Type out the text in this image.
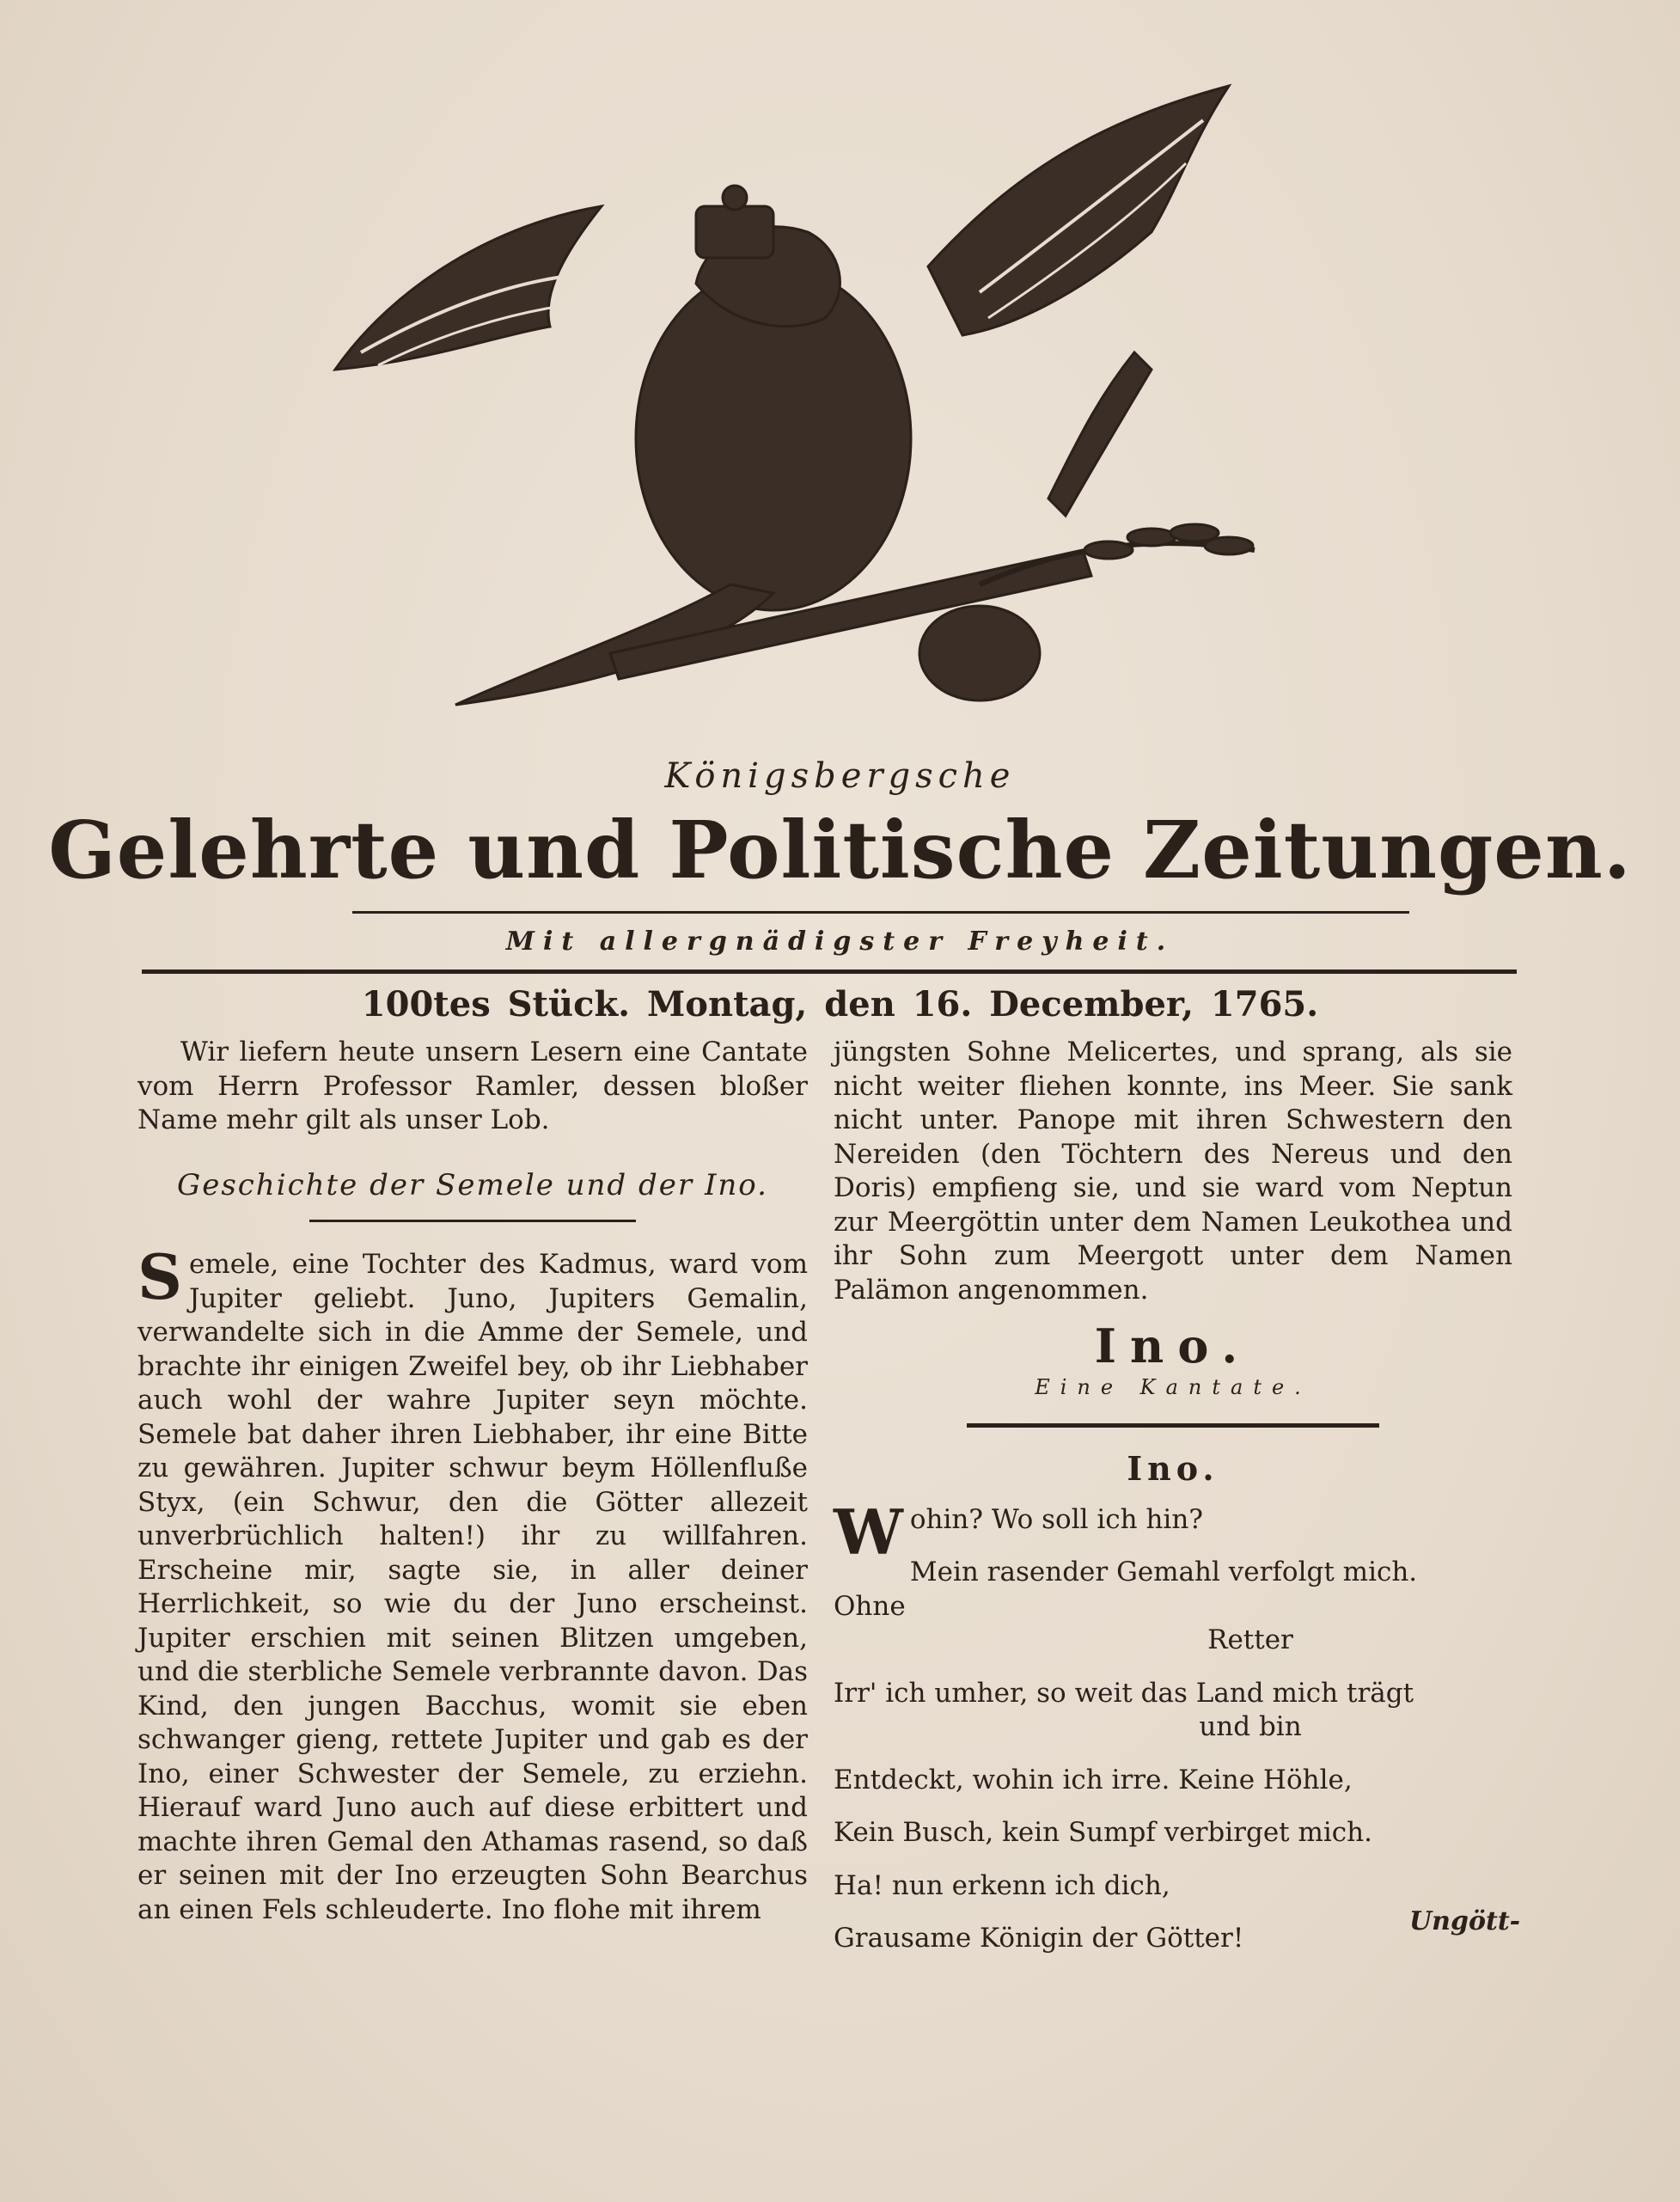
Königsbergsche
Gelehrte und Politische Zeitungen.
Mit allergnädigster Freyheit.
100tes Stück. Montag, den 16. December, 1765.

Wir liefern heute unsern Lesern eine Cantate vom Herrn Professor Ramler, dessen bloßer Name mehr gilt als unser Lob.

Geschichte der Semele und der Ino.

Semele, eine Tochter des Kadmus, ward vom Jupiter geliebt. Juno, Jupiters Gemalin, verwandelte sich in die Amme der Semele, und brachte ihr einigen Zweifel bey, ob ihr Liebhaber auch wohl der wahre Jupiter seyn möchte. Semele bat daher ihren Liebhaber, ihr eine Bitte zu gewähren. Jupiter schwur beym Höllenfluße Styx, (ein Schwur, den die Götter allezeit unverbrüchlich halten!) ihr zu willfahren. Erscheine mir, sagte sie, in aller deiner Herrlichkeit, so wie du der Juno erscheinst. Jupiter erschien mit seinen Blitzen umgeben, und die sterbliche Semele verbrannte davon. Das Kind, den jungen Bacchus, womit sie eben schwanger gieng, rettete Jupiter und gab es der Ino, einer Schwester der Semele, zu erziehn. Hierauf ward Juno auch auf diese erbittert und machte ihren Gemal den Athamas rasend, so daß er seinen mit der Ino erzeugten Sohn Bearchus an einen Fels schleuderte. Ino flohe mit ihrem

jüngsten Sohne Melicertes, und sprang, als sie nicht weiter fliehen konnte, ins Meer. Sie sank nicht unter. Panope mit ihren Schwestern den Nereiden (den Töchtern des Nereus und den Doris) empfieng sie, und sie ward vom Neptun zur Meergöttin unter dem Namen Leukothea und ihr Sohn zum Meergott unter dem Namen Palämon angenommen.

Ino.
Eine Kantate.
Ino.
Wohin? Wo soll ich hin?
Mein rasender Gemahl verfolgt mich. Ohne
Retter
Irr' ich umher, so weit das Land mich trägt
und bin
Entdeckt, wohin ich irre. Keine Höhle,
Kein Busch, kein Sumpf verbirget mich.
Ha! nun erkenn ich dich,
Grausame Königin der Götter!
Ungött-
